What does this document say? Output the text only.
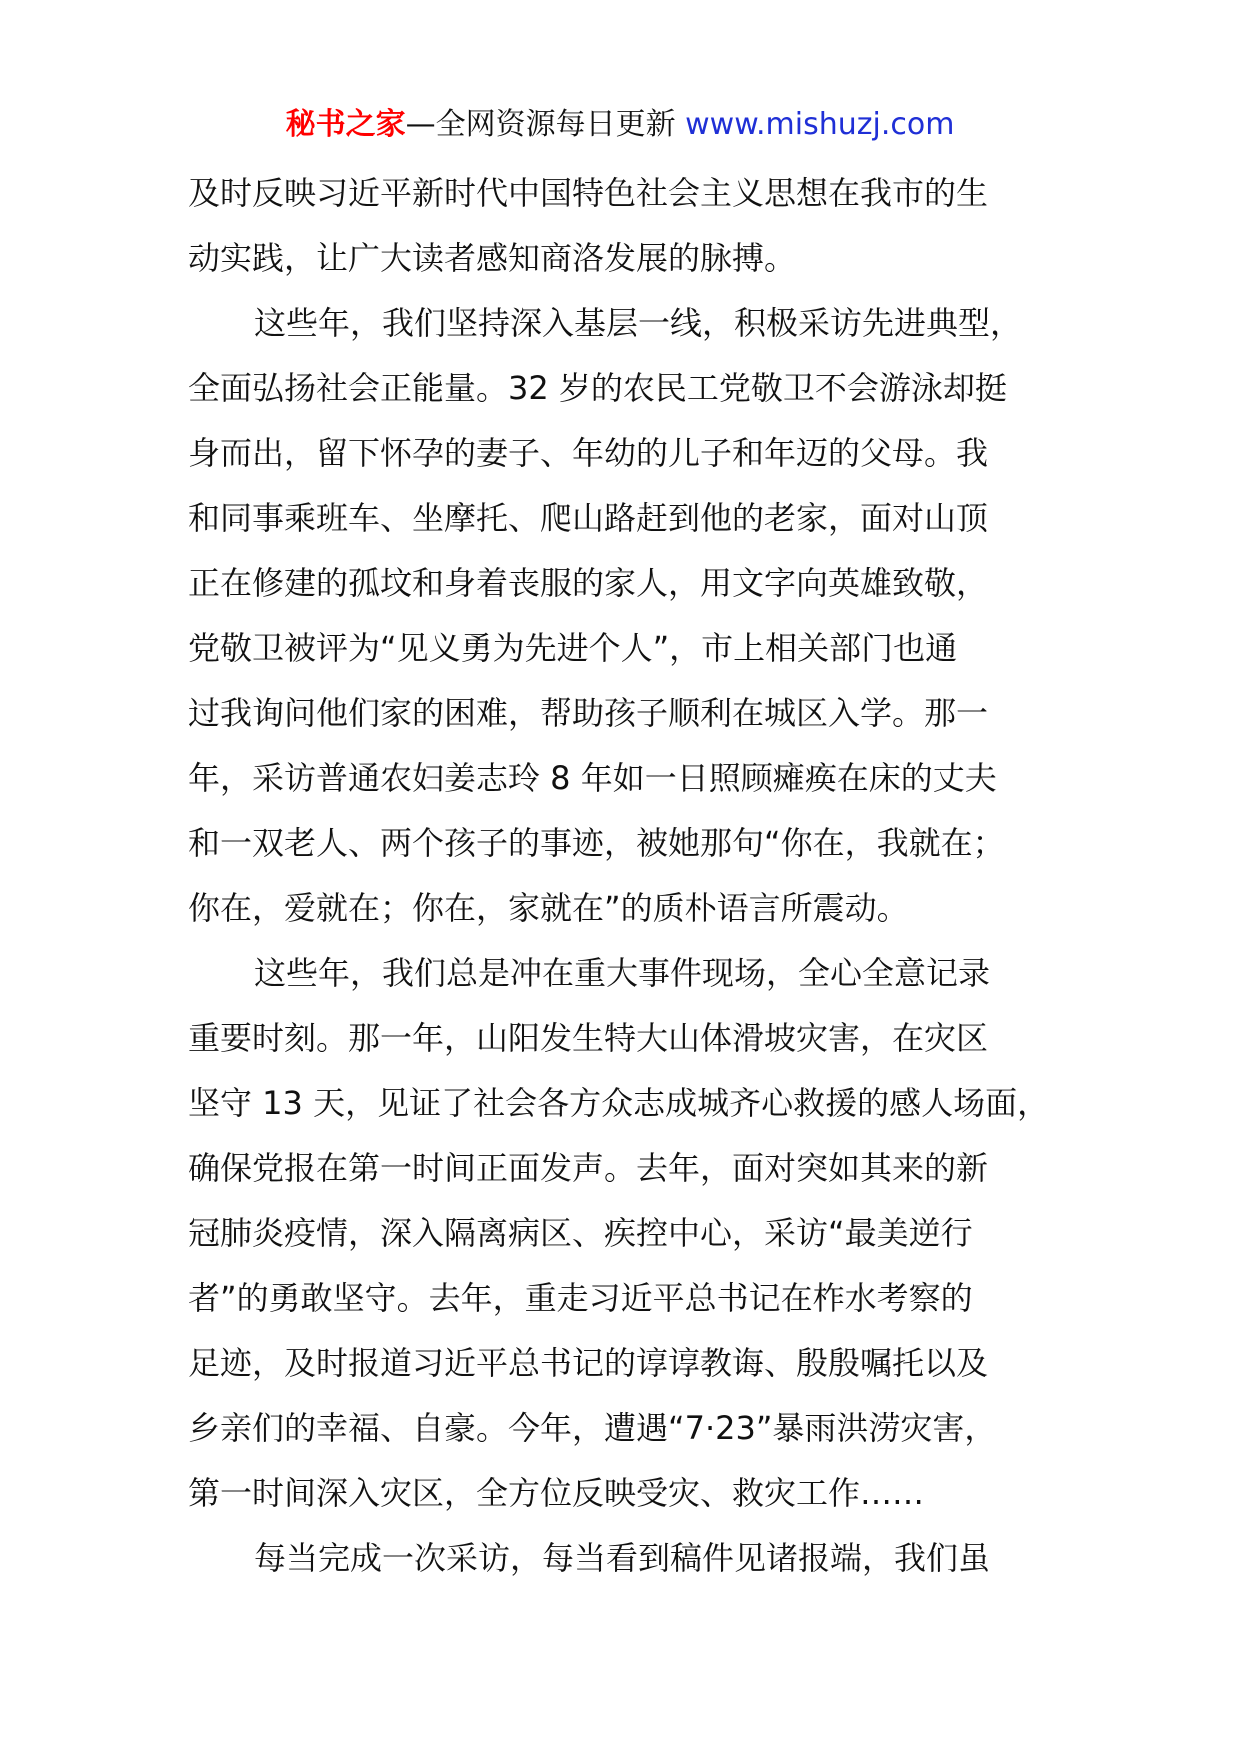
秘书之家—全网资源每日更新 www.mishuzj.com

及时反映习近平新时代中国特色社会主义思想在我市的生

动实践，让广大读者感知商洛发展的脉搏。

这些年，我们坚持深入基层一线，积极采访先进典型，

全面弘扬社会正能量。32 岁的农民工党敬卫不会游泳却挺

身而出，留下怀孕的妻子、年幼的儿子和年迈的父母。我

和同事乘班车、坐摩托、爬山路赶到他的老家，面对山顶

正在修建的孤坟和身着丧服的家人，用文字向英雄致敬，

党敬卫被评为“见义勇为先进个人”，市上相关部门也通

过我询问他们家的困难，帮助孩子顺利在城区入学。那一

年，采访普通农妇姜志玲 8 年如一日照顾瘫痪在床的丈夫

和一双老人、两个孩子的事迹，被她那句“你在，我就在；

你在，爱就在；你在，家就在”的质朴语言所震动。

这些年，我们总是冲在重大事件现场，全心全意记录

重要时刻。那一年，山阳发生特大山体滑坡灾害，在灾区

坚守 13 天，见证了社会各方众志成城齐心救援的感人场面，

确保党报在第一时间正面发声。去年，面对突如其来的新

冠肺炎疫情，深入隔离病区、疾控中心，采访“最美逆行

者”的勇敢坚守。去年，重走习近平总书记在柞水考察的

足迹，及时报道习近平总书记的谆谆教诲、殷殷嘱托以及

乡亲们的幸福、自豪。今年，遭遇“7·23”暴雨洪涝灾害，

第一时间深入灾区，全方位反映受灾、救灾工作……

每当完成一次采访，每当看到稿件见诸报端，我们虽
